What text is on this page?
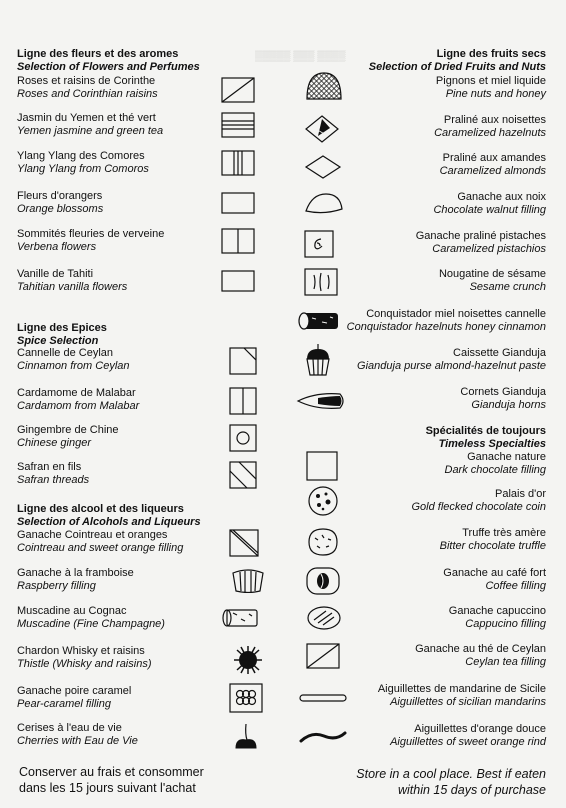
▒▒▒▒▒ ▒▒▒ ▒▒▒▒
Ligne des fleurs et des aromes
Selection of Flowers and Perfumes
Ligne des Epices
Spice Selection
Ligne des alcool et des liqueurs
Selection of Alcohols and Liqueurs
Roses et raisins de Corinthe
Roses and Corinthian raisins
Jasmin du Yemen et thé vert
Yemen jasmine and green tea
Ylang Ylang des Comores
Ylang Ylang from Comoros
Fleurs d'orangers
Orange blossoms
Sommités fleuries de verveine
Verbena flowers
Vanille de Tahiti
Tahitian vanilla flowers
Cannelle de Ceylan
Cinnamon from Ceylan
Cardamome de Malabar
Cardamom from Malabar
Gingembre de Chine
Chinese ginger
Safran en fils
Safran threads
Ganache Cointreau et oranges
Cointreau and sweet orange filling
Ganache à la framboise
Raspberry filling
Muscadine au Cognac
Muscadine (Fine Champagne)
Chardon Whisky et raisins
Thistle (Whisky and raisins)
Ganache poire caramel
Pear-caramel filling
Cerises à l'eau de vie
Cherries with Eau de Vie
Ligne des fruits secs
Selection of Dried Fruits and Nuts
Spécialités de toujours
Timeless Specialties
Pignons et miel liquide
Pine nuts and honey
Praliné aux noisettes
Caramelized hazelnuts
Praliné aux amandes
Caramelized almonds
Ganache aux noix
Chocolate walnut filling
Ganache praliné pistaches
Caramelized pistachios
Nougatine de sésame
Sesame crunch
Conquistador miel noisettes cannelle
Conquistador hazelnuts honey cinnamon
Caissette Gianduja
Gianduja purse almond-hazelnut paste
Cornets Gianduja
Gianduja horns
Ganache nature
Dark chocolate filling
Palais d'or
Gold flecked chocolate coin
Truffe très amère
Bitter chocolate truffle
Ganache au café fort
Coffee filling
Ganache capuccino
Cappucino filling
Ganache au thé de Ceylan
Ceylan tea filling
Aiguillettes de mandarine de Sicile
Aiguillettes of sicilian mandarins
Aiguillettes d'orange douce
Aiguillettes of sweet orange rind
Conserver au frais et consommer
dans les 15 jours suivant l'achat
Store in a cool place. Best if eaten
within 15 days of purchase
